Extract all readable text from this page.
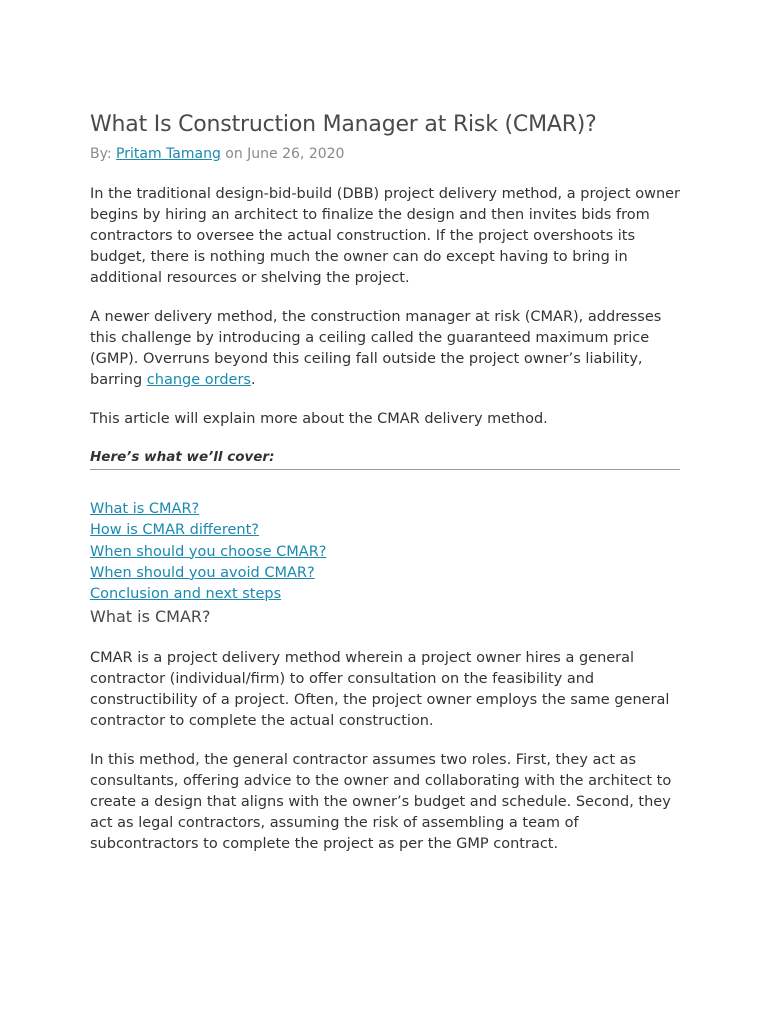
What Is Construction Manager at Risk (CMAR)?
By: Pritam Tamang on June 26, 2020

In the traditional design-bid-build (DBB) project delivery method, a project owner begins by hiring an architect to finalize the design and then invites bids from contractors to oversee the actual construction. If the project overshoots its budget, there is nothing much the owner can do except having to bring in additional resources or shelving the project.

A newer delivery method, the construction manager at risk (CMAR), addresses this challenge by introducing a ceiling called the guaranteed maximum price (GMP). Overruns beyond this ceiling fall outside the project owner’s liability, barring change orders.

This article will explain more about the CMAR delivery method.

Here’s what we’ll cover:
What is CMAR?
How is CMAR different?
When should you choose CMAR?
When should you avoid CMAR?
Conclusion and next steps
What is CMAR?

CMAR is a project delivery method wherein a project owner hires a general contractor (individual/firm) to offer consultation on the feasibility and constructibility of a project. Often, the project owner employs the same general contractor to complete the actual construction.

In this method, the general contractor assumes two roles. First, they act as consultants, offering advice to the owner and collaborating with the architect to create a design that aligns with the owner’s budget and schedule. Second, they act as legal contractors, assuming the risk of assembling a team of subcontractors to complete the project as per the GMP contract.
